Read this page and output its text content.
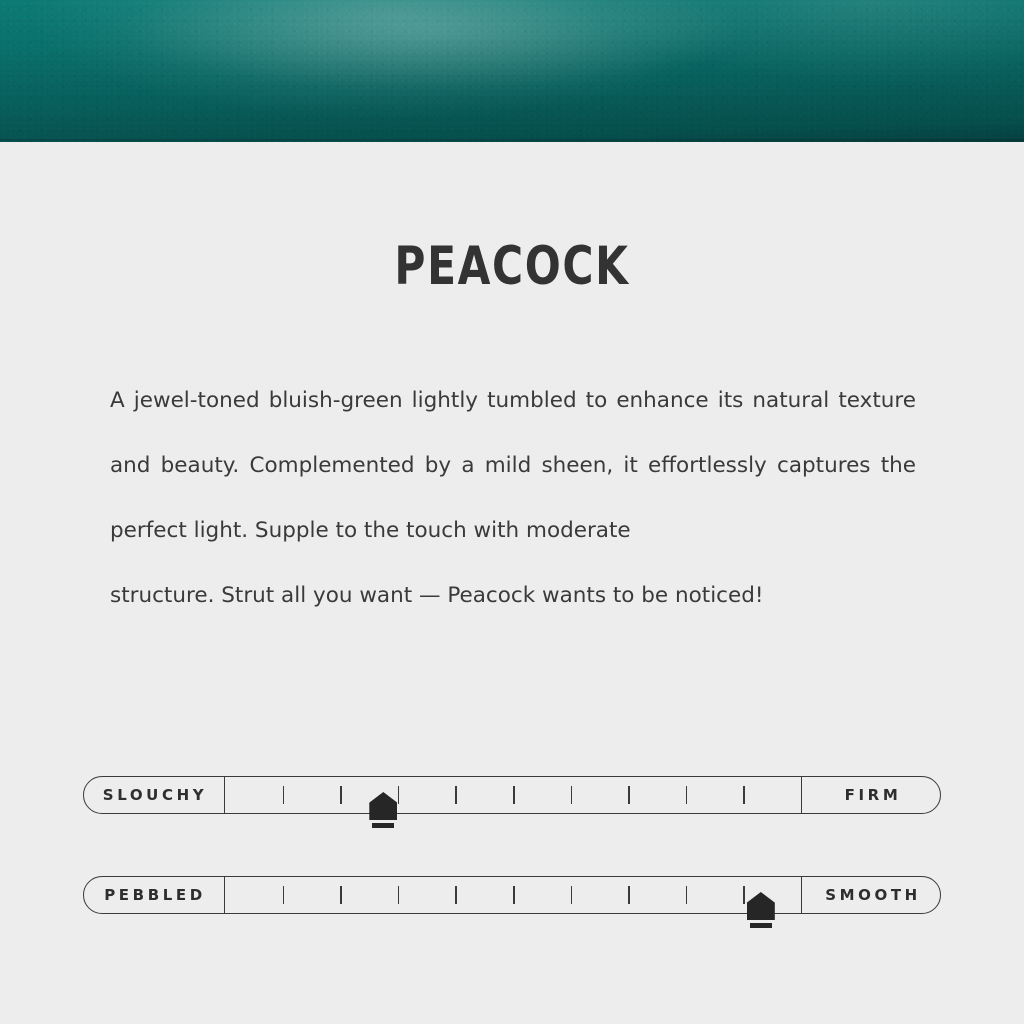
PEACOCK
A jewel-toned bluish-green lightly tumbled to enhance its natural texture and beauty. Complemented by a mild sheen, it effortlessly captures the perfect light. Supple to the touch with moderate
structure. Strut all you want — Peacock wants to be noticed!
SLOUCHY	FIRM
PEBBLED	SMOOTH
